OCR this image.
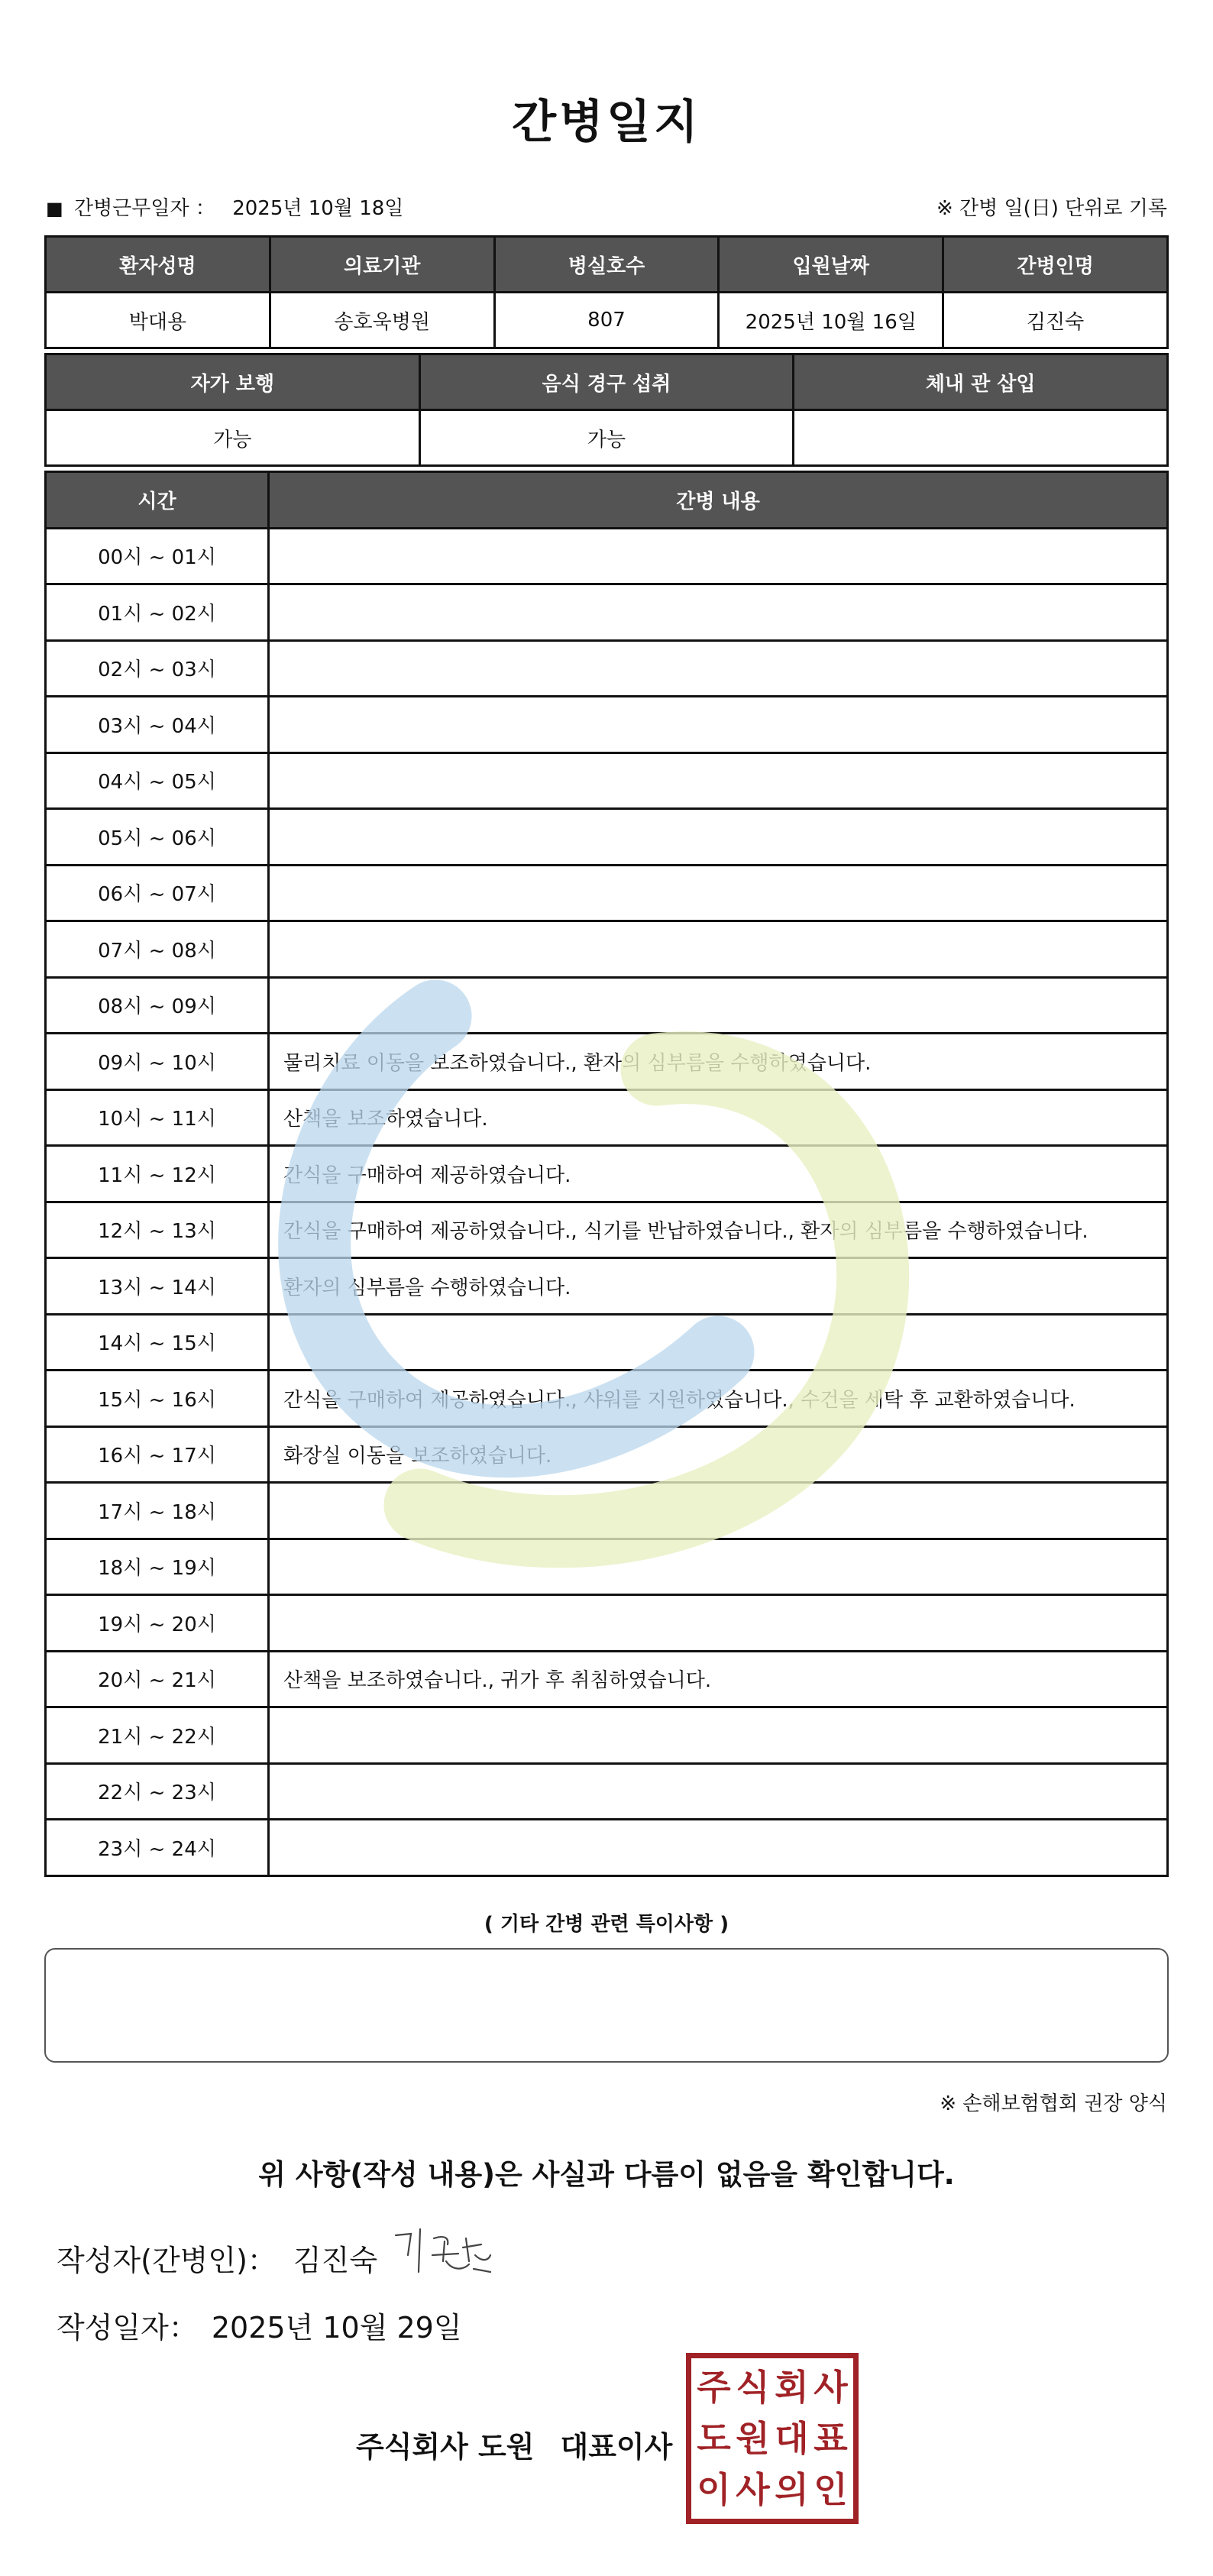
간병일지
■ 간병근무일자 ： 2025년 10월 18일	※ 간병 일(日) 단위로 기록
환자성명	의료기관	병실호수	입원날짜	간병인명
박대용	송호욱병원	807	2025년 10월 16일	김진숙
자가 보행	음식 경구 섭취	체내 관 삽입
가능	가능	
시간	간병 내용
00시 ~ 01시	
01시 ~ 02시	
02시 ~ 03시	
03시 ~ 04시	
04시 ~ 05시	
05시 ~ 06시	
06시 ~ 07시	
07시 ~ 08시	
08시 ~ 09시	
09시 ~ 10시	물리치료 이동을 보조하였습니다., 환자의 심부름을 수행하였습니다.
10시 ~ 11시	산책을 보조하였습니다.
11시 ~ 12시	간식을 구매하여 제공하였습니다.
12시 ~ 13시	간식을 구매하여 제공하였습니다., 식기를 반납하였습니다., 환자의 심부름을 수행하였습니다.
13시 ~ 14시	환자의 심부름을 수행하였습니다.
14시 ~ 15시	
15시 ~ 16시	간식을 구매하여 제공하였습니다., 샤워를 지원하였습니다., 수건을 세탁 후 교환하였습니다.
16시 ~ 17시	화장실 이동을 보조하였습니다.
17시 ~ 18시	
18시 ~ 19시	
19시 ~ 20시	
20시 ~ 21시	산책을 보조하였습니다., 귀가 후 취침하였습니다.
21시 ~ 22시	
22시 ~ 23시	
23시 ~ 24시	
( 기타 간병 관련 특이사항 )
※ 손해보험협회 권장 양식
위 사항(작성 내용)은 사실과 다름이 없음을 확인합니다.
작성자(간병인)： 김진숙
작성일자： 2025년 10월 29일
주식회사 도원 대표이사
주 식 회 사
도 원 대 표
이 사 의 인
